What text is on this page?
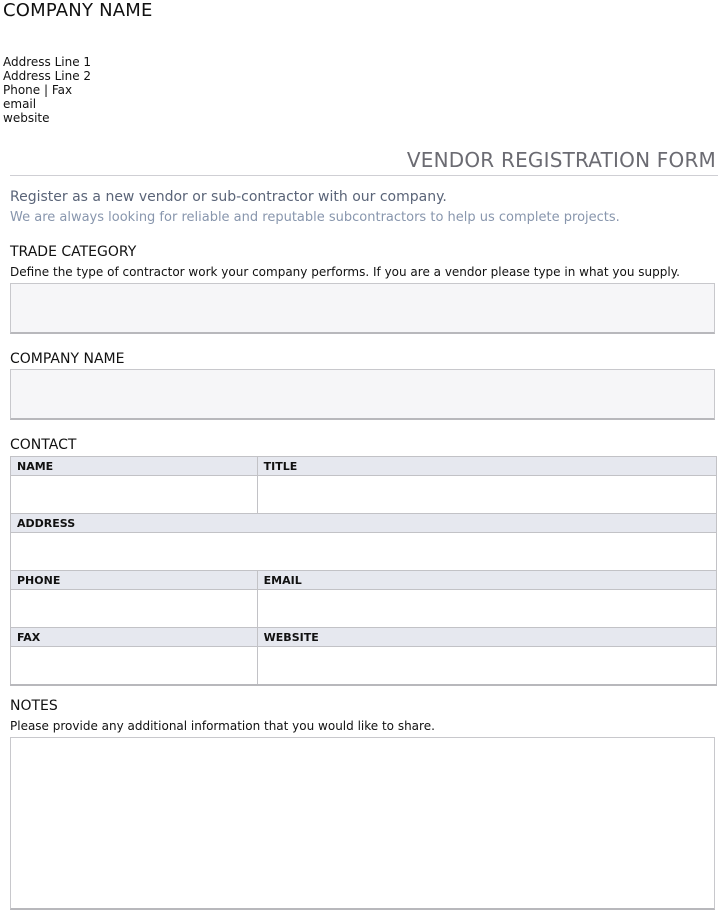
COMPANY NAME
Address Line 1
Address Line 2
Phone | Fax
email
website
VENDOR REGISTRATION FORM
Register as a new vendor or sub-contractor with our company.
We are always looking for reliable and reputable subcontractors to help us complete projects.
TRADE CATEGORY
Define the type of contractor work your company performs. If you are a vendor please type in what you supply.
COMPANY NAME
CONTACT
NAME	TITLE

ADDRESS	

PHONE	EMAIL

FAX	WEBSITE

NOTES
Please provide any additional information that you would like to share.
